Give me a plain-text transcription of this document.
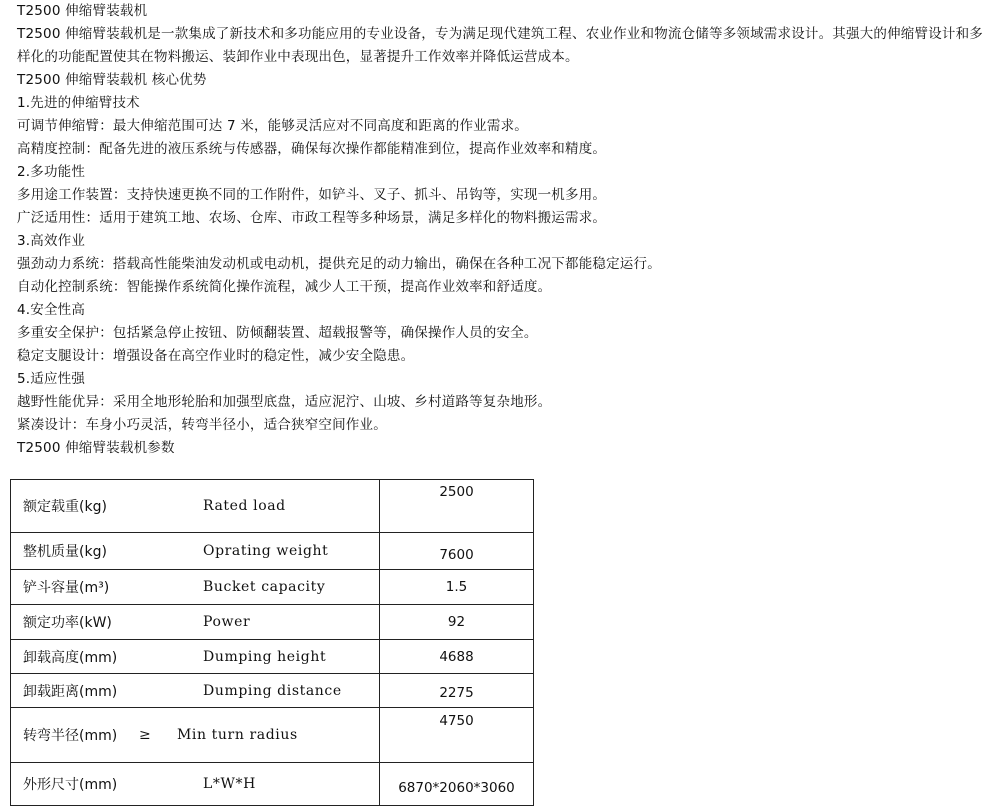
T2500 伸缩臂装载机
T2500 伸缩臂装载机是一款集成了新技术和多功能应用的专业设备，专为满足现代建筑工程、农业作业和物流仓储等多领域需求设计。其强大的伸缩臂设计和多样化的功能配置使其在物料搬运、装卸作业中表现出色，显著提升工作效率并降低运营成本。
T2500 伸缩臂装载机 核心优势
1.先进的伸缩臂技术
可调节伸缩臂：最大伸缩范围可达 7 米，能够灵活应对不同高度和距离的作业需求。
高精度控制：配备先进的液压系统与传感器，确保每次操作都能精准到位，提高作业效率和精度。
2.多功能性
多用途工作装置：支持快速更换不同的工作附件，如铲斗、叉子、抓斗、吊钩等，实现一机多用。
广泛适用性：适用于建筑工地、农场、仓库、市政工程等多种场景，满足多样化的物料搬运需求。
3.高效作业
强劲动力系统：搭载高性能柴油发动机或电动机，提供充足的动力输出，确保在各种工况下都能稳定运行。
自动化控制系统：智能操作系统简化操作流程，减少人工干预，提高作业效率和舒适度。
4.安全性高
多重安全保护：包括紧急停止按钮、防倾翻装置、超载报警等，确保操作人员的安全。
稳定支腿设计：增强设备在高空作业时的稳定性，减少安全隐患。
5.适应性强
越野性能优异：采用全地形轮胎和加强型底盘，适应泥泞、山坡、乡村道路等复杂地形。
紧凑设计：车身小巧灵活，转弯半径小，适合狭窄空间作业。
T2500 伸缩臂装载机参数
额定载重(kg) Rated load	2500

整机质量(kg) Oprating weight	7600

铲斗容量(m³) Bucket capacity	1.5

额定功率(kW) Power	92

卸载高度(mm) Dumping height	4688

卸载距离(mm) Dumping distance	2275

转弯半径(mm) ≥ Min turn radius	4750

外形尺寸(mm) L*W*H	6870*2060*3060
